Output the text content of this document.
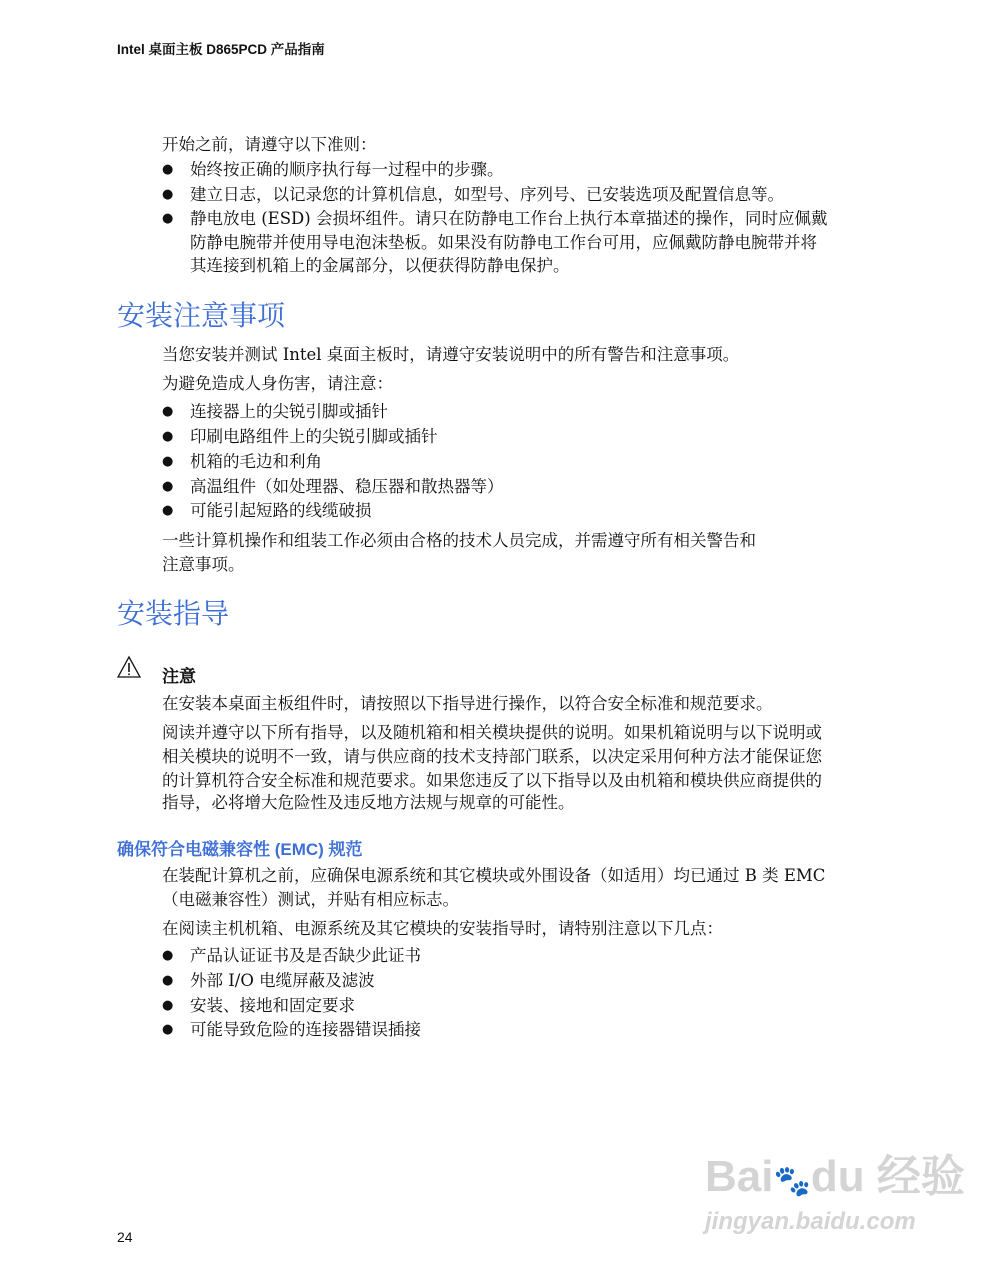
Intel 桌面主板 D865PCD 产品指南
开始之前，请遵守以下准则：
● 始终按正确的顺序执行每一过程中的步骤。
● 建立日志，以记录您的计算机信息，如型号、序列号、已安装选项及配置信息等。
● 静电放电 (ESD) 会损坏组件。请只在防静电工作台上执行本章描述的操作，同时应佩戴
防静电腕带并使用导电泡沫垫板。如果没有防静电工作台可用，应佩戴防静电腕带并将
其连接到机箱上的金属部分，以便获得防静电保护。
安装注意事项
当您安装并测试 Intel 桌面主板时，请遵守安装说明中的所有警告和注意事项。
为避免造成人身伤害，请注意：
● 连接器上的尖锐引脚或插针
● 印刷电路组件上的尖锐引脚或插针
● 机箱的毛边和利角
● 高温组件（如处理器、稳压器和散热器等）
● 可能引起短路的线缆破损
一些计算机操作和组装工作必须由合格的技术人员完成，并需遵守所有相关警告和
注意事项。
安装指导
注意
在安装本桌面主板组件时，请按照以下指导进行操作，以符合安全标准和规范要求。
阅读并遵守以下所有指导，以及随机箱和相关模块提供的说明。如果机箱说明与以下说明或
相关模块的说明不一致，请与供应商的技术支持部门联系，以决定采用何种方法才能保证您
的计算机符合安全标准和规范要求。如果您违反了以下指导以及由机箱和模块供应商提供的
指导，必将增大危险性及违反地方法规与规章的可能性。
确保符合电磁兼容性 (EMC) 规范
在装配计算机之前，应确保电源系统和其它模块或外围设备（如适用）均已通过 B 类 EMC
（电磁兼容性）测试，并贴有相应标志。
在阅读主机机箱、电源系统及其它模块的安装指导时，请特别注意以下几点：
● 产品认证证书及是否缺少此证书
● 外部 I/O 电缆屏蔽及滤波
● 安装、接地和固定要求
● 可能导致危险的连接器错误插接
24
Bai🐾du 经验
jingyan.baidu.com
